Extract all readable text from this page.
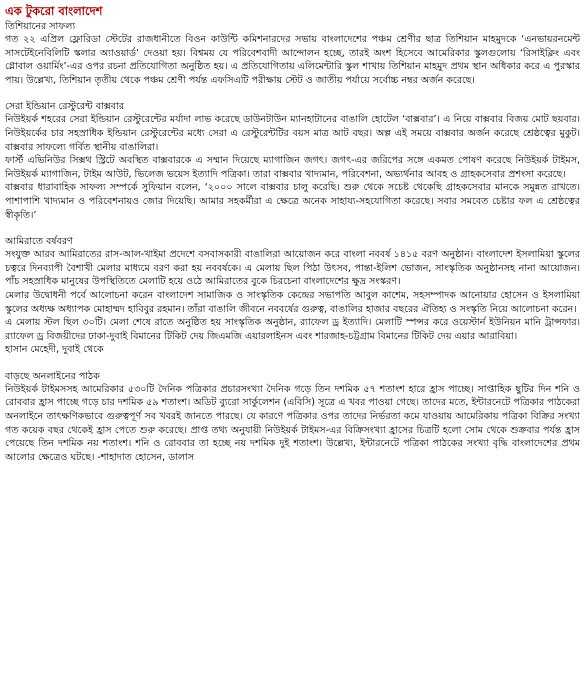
এক টুকরো বাংলাদেশ
তিশিয়ানের সাফল্য

গত ২২ এপ্রিল ফ্লোরিডা স্টেটের রাজধানীতে বিওন কাউন্টি কমিশনারদের সভায় বাংলাদেশের পঞ্চম শ্রেণীর ছাত্র তিশিয়ান মাহমুদকে ‘এনভায়রনমেন্ট সাসটেইনেবিলিটি স্কলার অ্যাওয়ার্ড’ দেওয়া হয়। বিশ্বময় যে পরিবেশবাদী আন্দোলন হচ্ছে, তারই অংশ হিসেবে আমেরিকার স্কুলগুলোয় ‘রিসাইক্লিং এবং গ্লোবাল ওয়ার্মিং’-এর ওপর রচনা প্রতিযোগিতা অনুষ্ঠিত হয়। এ প্রতিযোগিতায় এলিমেন্টারি স্কুল শাখায় তিশিয়ান মাহমুদ প্রথম স্থান অধিকার করে এ পুরস্কার পায়। উল্লেখ্য, তিশিয়ান তৃতীয় থেকে পঞ্চম শ্রেণী পর্যন্ত এফসিএটি পরীক্ষায় স্টেট ও জাতীয় পর্যায়ে সর্বোচ্চ নম্বর অর্জন করেছে।

সেরা ইন্ডিয়ান রেস্টুরেন্ট বাক্সবার

নিউইয়র্ক শহরের সেরা ইন্ডিয়ান রেস্টুরেন্টের মর্যাদা লাভ করেছে ডাউনটাউন ম্যানহাটানের বাঙালি হোটেল ‘বাক্সবার’। এ নিয়ে বাক্সবার বিজয় মোট ছয়বার। নিউইয়র্কের চার সহস্রাধিক ইন্ডিয়ান রেস্টুরেন্টের মধ্যে সেরা এ রেস্টুরেন্টটির বয়স মাত্র আট বছর। অল্প এই সময়ে বাক্সবার অর্জন করেছে শ্রেষ্ঠত্বের মুকুট। বাক্সবার সাফল্যে গর্বিত স্থানীয় বাঙালিরা।

ফার্স্ট এভিনিউর সিক্সথ স্ট্রিটে অবস্থিত বাক্সবারকে এ সম্মান দিয়েছে ম্যাগাজিন জগৎ। জগৎ-এর জরিপের সঙ্গে একমত পোষণ করেছে নিউইয়র্ক টাইমস, নিউইয়র্ক ম্যাগাজিন, টাইম আউট, ভিলেজ ভয়েস ইত্যাদি পত্রিকা। তারা বাক্সবার খাদ্যমান, পরিবেশনা, অভ্যর্থনার আবহ ও গ্রাহকসেবার প্রশংসা করেছে।

বাক্সবার ধারাবাহিক সাফল্য সম্পর্কে সুফিয়ান বলেন, ‘২০০০ সালে বাক্সবার চালু করেছি। শুরু থেকে সচেষ্ট থেকেছি গ্রাহকসেবার মানকে সমুন্নত রাখতে। পাশাপাশি খাদ্যমান ও পরিবেশনায়ও জোর দিয়েছি। আমার সহকর্মীরা এ ক্ষেত্রে অনেক সাহায্য-সহযোগিতা করেছে। সবার সমবেত চেষ্টার ফল এ শ্রেষ্ঠত্বের স্বীকৃতি।’

আমিরাতে বর্ষবরণ

সংযুক্ত আরব আমিরাতের রাস-আল-খাইমা প্রদেশে বসবাসকারী বাঙালিরা আয়োজন করে বাংলা নববর্ষ ১৪১৫ বরণ অনুষ্ঠান। বাংলাদেশ ইসলামিয়া স্কুলের চত্বরে দিনব্যাপী বৈশাখী মেলার মাধ্যমে বরণ করা হয় নববর্ষকে। এ মেলায় ছিল পিঠা উৎসব, পান্তা-ইলিশ ভোজন, সাংস্কৃতিক অনুষ্ঠানসহ নানা আয়োজন। পাঁচ সহস্রাধিক মানুষের উপস্থিতিতে মেলাটি হয়ে ওঠে আমিরাতের বুকে চিরচেনা বাংলাদেশের ক্ষুদ্র সংস্করণ।

মেলার উদ্বোধনী পর্বে আলোচনা করেন বাংলাদেশ সামাজিক ও সাংস্কৃতিক কেন্দ্রের সভাপতি আবুল কাশেম, সহসম্পাদক আনোয়ার হোসেন ও ইসলামিয়া স্কুলের অধ্যক্ষ অধ্যাপক মোহাম্মদ হাবিবুর রহমান। তাঁরা বাঙালি জীবনে নববর্ষের গুরুত্ব, বাঙালির হাজার বছরের ঐতিহ্য ও সংস্কৃতি নিয়ে আলোচনা করেন।

এ মেলায় স্টল ছিল ৩০টি। মেলা শেষে রাতে অনুষ্ঠিত হয় সাংস্কৃতিক অনুষ্ঠান, র‌্যাফেল ড্র ইত্যাদি। মেলাটি স্পন্সর করে ওয়েস্টার্ন ইউনিয়ন মানি ট্রান্সফার। র‌্যাফেল ড্র বিজয়ীদের ঢাকা-দুবাই বিমানের টিকিট দেয় জিএমজি এয়ারলাইনস এবং শারজাহ-চট্টগ্রাম বিমানের টিকিট দেয় এয়ার আরাবিয়া।

হাসান মেহেদী, দুবাই থেকে

বাড়ছে অনলাইনের পাঠক

নিউইয়র্ক টাইমসসহ আমেরিকার ৫৩০টি দৈনিক পত্রিকার প্রচারসংখ্যা দৈনিক গড়ে তিন দশমিক ৫৭ শতাংশ হারে হ্রাস পাচ্ছে। সাপ্তাহিক ছুটির দিন শনি ও রোববার হ্রাস পাচ্ছে গড়ে চার দশমিক ৫৯ শতাংশ। অডিট ব্যুরো সার্কুলেশন (এবিসি) সূত্রে এ খবর পাওয়া গেছে। তাদের মতে, ইন্টারনেটে পত্রিকার পাঠকেরা অনলাইনে তাৎক্ষণিকভাবে গুরুত্বপূর্ণ সব খবরই জানতে পারছে। যে কারণে পত্রিকার ওপর তাদের নির্ভরতা কমে যাওয়ায় আমেরিকায় পত্রিকা বিক্রির সংখ্যা গত কয়েক বছর থেকেই হ্রাস পেতে শুরু করেছে। প্রাপ্ত তথ্য অনুযায়ী নিউইয়র্ক টাইমস-এর বিক্রিসংখ্যা হ্রাসের চিত্রটি হলো সোম থেকে শুক্রবার পর্যন্ত হ্রাস পেয়েছে তিন দশমিক নয় শতাংশ। শনি ও রোববার তা হচ্ছে নয় দশমিক দুই শতাংশ। উল্লেখ্য, ইন্টারনেটে পত্রিকা পাঠকের সংখ্যা বৃদ্ধি বাংলাদেশের প্রথম আলোর ক্ষেত্রেও ঘটছে। -শাহাদাত হোসেন, ডালাস
